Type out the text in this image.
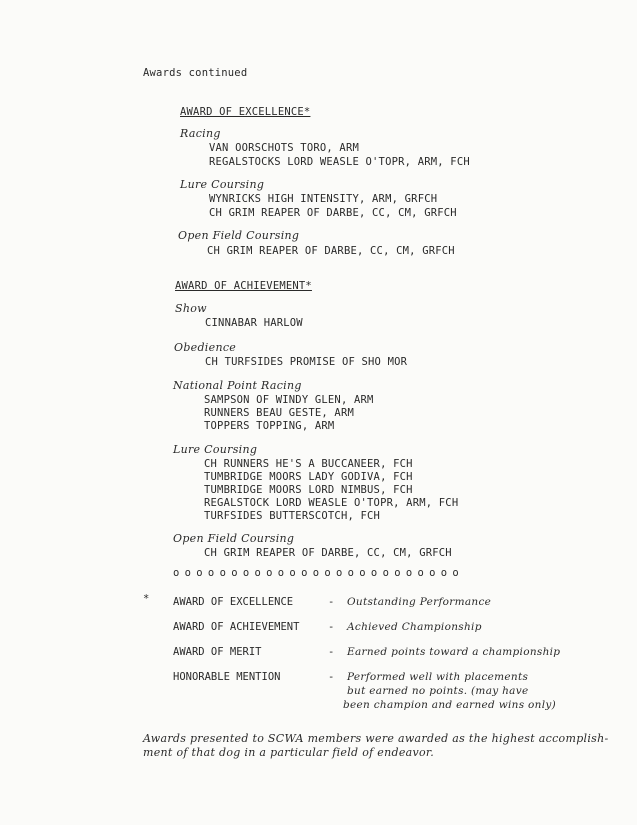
Awards continued
AWARD OF EXCELLENCE*
Racing
VAN OORSCHOTS TORO, ARM
REGALSTOCKS LORD WEASLE O'TOPR, ARM, FCH
Lure Coursing
WYNRICKS HIGH INTENSITY, ARM, GRFCH
CH GRIM REAPER OF DARBE, CC, CM, GRFCH
Open Field Coursing
CH GRIM REAPER OF DARBE, CC, CM, GRFCH
AWARD OF ACHIEVEMENT*
Show
CINNABAR HARLOW
Obedience
CH TURFSIDES PROMISE OF SHO MOR
National Point Racing
SAMPSON OF WINDY GLEN, ARM
RUNNERS BEAU GESTE, ARM
TOPPERS TOPPING, ARM
Lure Coursing
CH RUNNERS HE'S A BUCCANEER, FCH
TUMBRIDGE MOORS LADY GODIVA, FCH
TUMBRIDGE MOORS LORD NIMBUS, FCH
REGALSTOCK LORD WEASLE O'TOPR, ARM, FCH
TURFSIDES BUTTERSCOTCH, FCH
Open Field Coursing
CH GRIM REAPER OF DARBE, CC, CM, GRFCH
o o o o o o o o o o o o o o o o o o o o o o o o o
* AWARD OF EXCELLENCE	- Outstanding Performance
AWARD OF ACHIEVEMENT	- Achieved Championship
AWARD OF MERIT	- Earned points toward a championship
HONORABLE MENTION	- Performed well with placements
but earned no points. (may have
been champion and earned wins only)
Awards presented to SCWA members were awarded as the highest accomplish-
ment of that dog in a particular field of endeavor.
